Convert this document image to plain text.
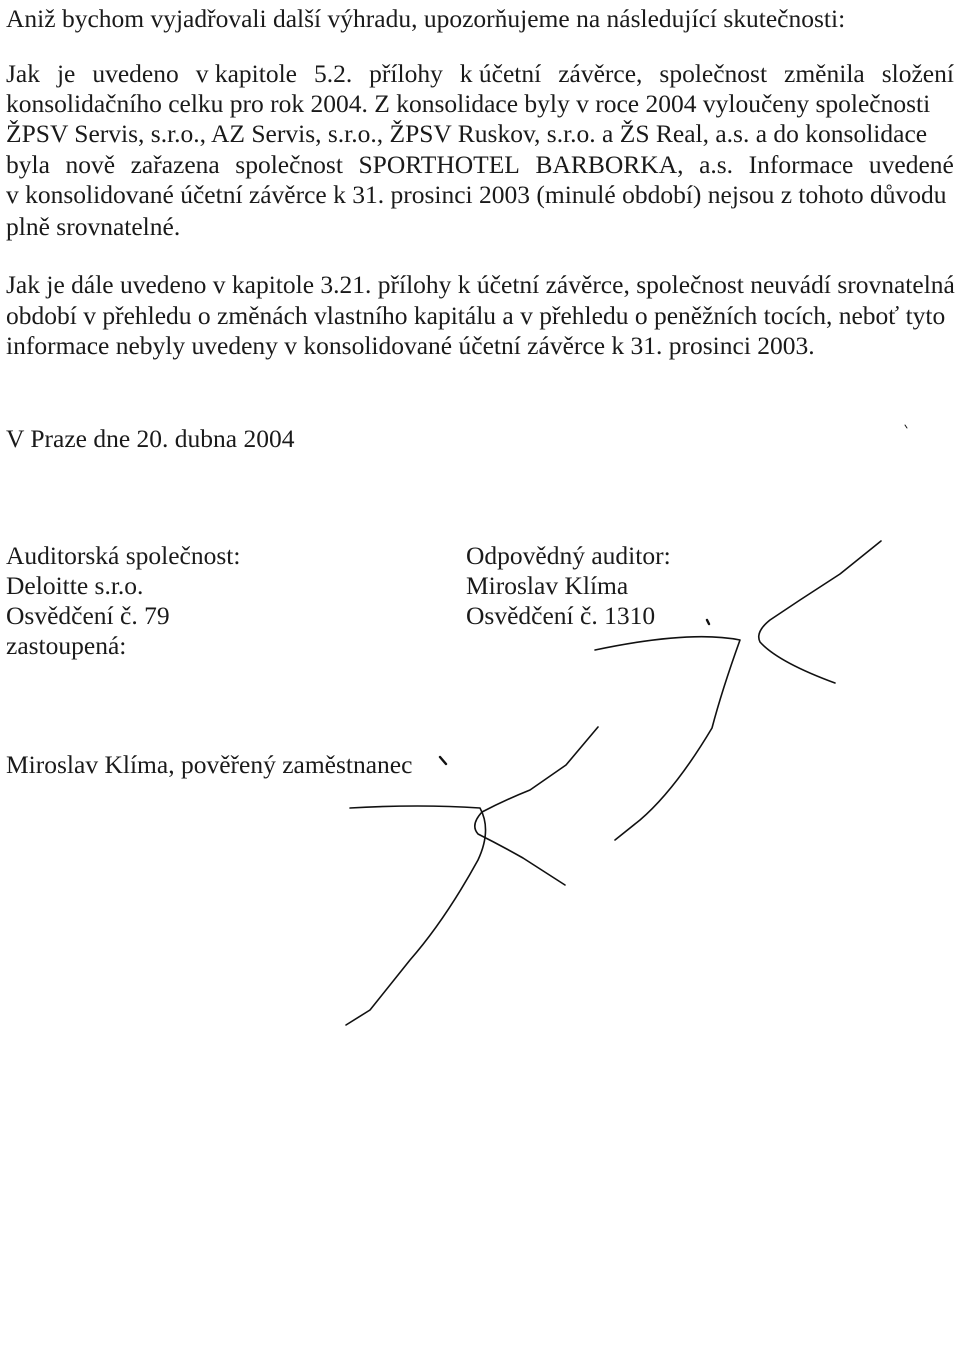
Aniž bychom vyjadřovali další výhradu, upozorňujeme na následující skutečnosti:
Jak je uvedeno v kapitole 5.2. přílohy k účetní závěrce, společnost změnila složení
konsolidačního celku pro rok 2004. Z konsolidace byly v roce 2004 vyloučeny společnosti
ŽPSV Servis, s.r.o., AZ Servis, s.r.o., ŽPSV Ruskov, s.r.o. a ŽS Real, a.s. a do konsolidace
byla nově zařazena společnost SPORTHOTEL BARBORKA, a.s. Informace uvedené
v konsolidované účetní závěrce k 31. prosinci 2003 (minulé období) nejsou z tohoto důvodu
plně srovnatelné.
Jak je dále uvedeno v kapitole 3.21. přílohy k účetní závěrce, společnost neuvádí srovnatelná
období v přehledu o změnách vlastního kapitálu a v přehledu o peněžních tocích, neboť tyto
informace nebyly uvedeny v konsolidované účetní závěrce k 31. prosinci 2003.
V Praze dne 20. dubna 2004
Auditorská společnost:
Deloitte s.r.o.
Osvědčení č. 79
zastoupená:
Odpovědný auditor:
Miroslav Klíma
Osvědčení č. 1310
Miroslav Klíma, pověřený zaměstnanec
